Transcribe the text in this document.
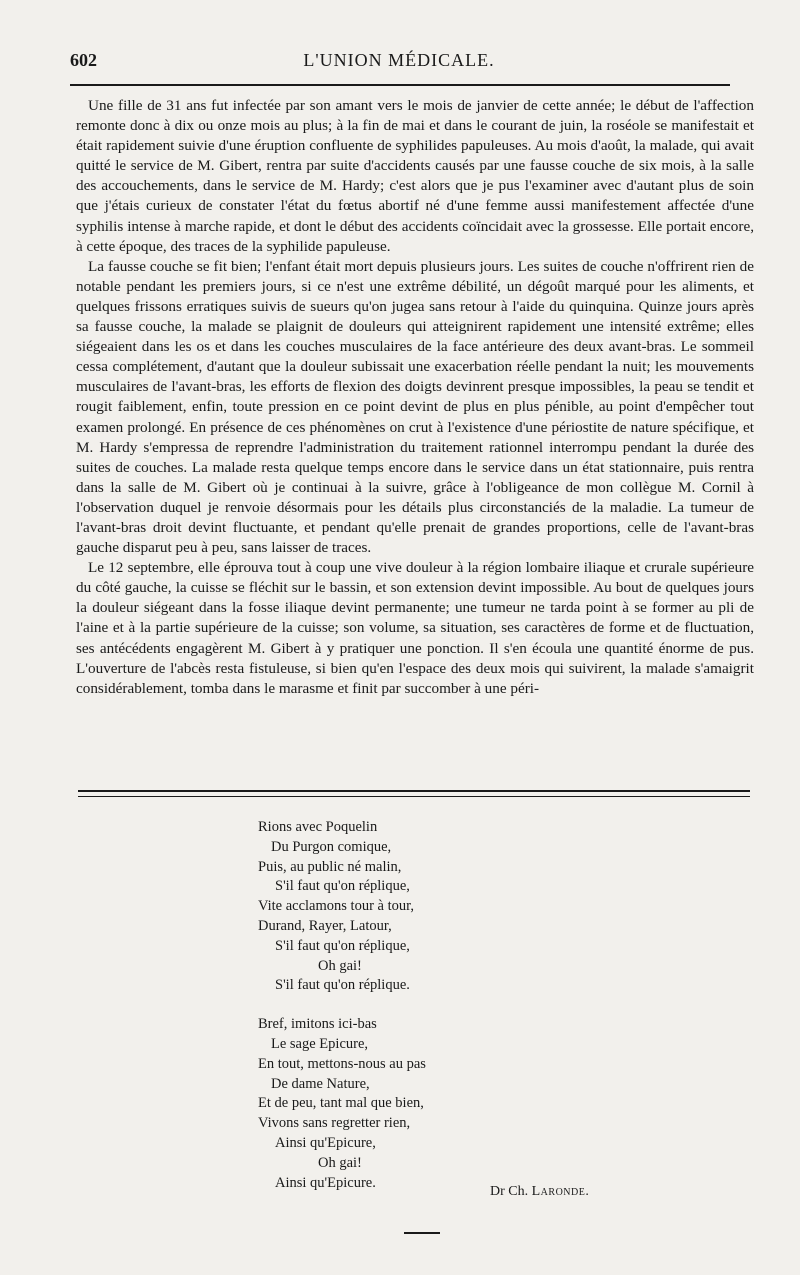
602	L'UNION MÉDICALE.

Une fille de 31 ans fut infectée par son amant vers le mois de janvier de cette année; le début de l'affection remonte donc à dix ou onze mois au plus; à la fin de mai et dans le courant de juin, la roséole se manifestait et était rapidement suivie d'une éruption confluente de syphilides papuleuses. Au mois d'août, la malade, qui avait quitté le service de M. Gibert, rentra par suite d'accidents causés par une fausse couche de six mois, à la salle des accouchements, dans le service de M. Hardy; c'est alors que je pus l'examiner avec d'autant plus de soin que j'étais curieux de constater l'état du fœtus abortif né d'une femme aussi manifestement affectée d'une syphilis intense à marche rapide, et dont le début des accidents coïncidait avec la grossesse. Elle portait encore, à cette époque, des traces de la syphilide papuleuse.

La fausse couche se fit bien; l'enfant était mort depuis plusieurs jours. Les suites de couche n'offrirent rien de notable pendant les premiers jours, si ce n'est une extrême débilité, un dégoût marqué pour les aliments, et quelques frissons erratiques suivis de sueurs qu'on jugea sans retour à l'aide du quinquina. Quinze jours après sa fausse couche, la malade se plaignit de douleurs qui atteignirent rapidement une intensité extrême; elles siégeaient dans les os et dans les couches musculaires de la face antérieure des deux avant-bras. Le sommeil cessa complétement, d'autant que la douleur subissait une exacerbation réelle pendant la nuit; les mouvements musculaires de l'avant-bras, les efforts de flexion des doigts devinrent presque impossibles, la peau se tendit et rougit faiblement, enfin, toute pression en ce point devint de plus en plus pénible, au point d'empêcher tout examen prolongé. En présence de ces phénomènes on crut à l'existence d'une périostite de nature spécifique, et M. Hardy s'empressa de reprendre l'administration du traitement rationnel interrompu pendant la durée des suites de couches. La malade resta quelque temps encore dans le service dans un état stationnaire, puis rentra dans la salle de M. Gibert où je continuai à la suivre, grâce à l'obligeance de mon collègue M. Cornil à l'observation duquel je renvoie désormais pour les détails plus circonstanciés de la maladie. La tumeur de l'avant-bras droit devint fluctuante, et pendant qu'elle prenait de grandes proportions, celle de l'avant-bras gauche disparut peu à peu, sans laisser de traces.

Le 12 septembre, elle éprouva tout à coup une vive douleur à la région lombaire iliaque et crurale supérieure du côté gauche, la cuisse se fléchit sur le bassin, et son extension devint impossible. Au bout de quelques jours la douleur siégeant dans la fosse iliaque devint permanente; une tumeur ne tarda point à se former au pli de l'aine et à la partie supérieure de la cuisse; son volume, sa situation, ses caractères de forme et de fluctuation, ses antécédents engagèrent M. Gibert à y pratiquer une ponction. Il s'en écoula une quantité énorme de pus. L'ouverture de l'abcès resta fistuleuse, si bien qu'en l'espace des deux mois qui suivirent, la malade s'amaigrit considérablement, tomba dans le marasme et finit par succomber à une péri-

Rions avec Poquelin
Du Purgon comique,
Puis, au public né malin,
S'il faut qu'on réplique,
Vite acclamons tour à tour,
Durand, Rayer, Latour,
S'il faut qu'on réplique,
Oh gai!
S'il faut qu'on réplique.
Bref, imitons ici-bas
Le sage Epicure,
En tout, mettons-nous au pas
De dame Nature,
Et de peu, tant mal que bien,
Vivons sans regretter rien,
Ainsi qu'Epicure,
Oh gai!
Ainsi qu'Epicure.
Dr Ch. Laronde.
